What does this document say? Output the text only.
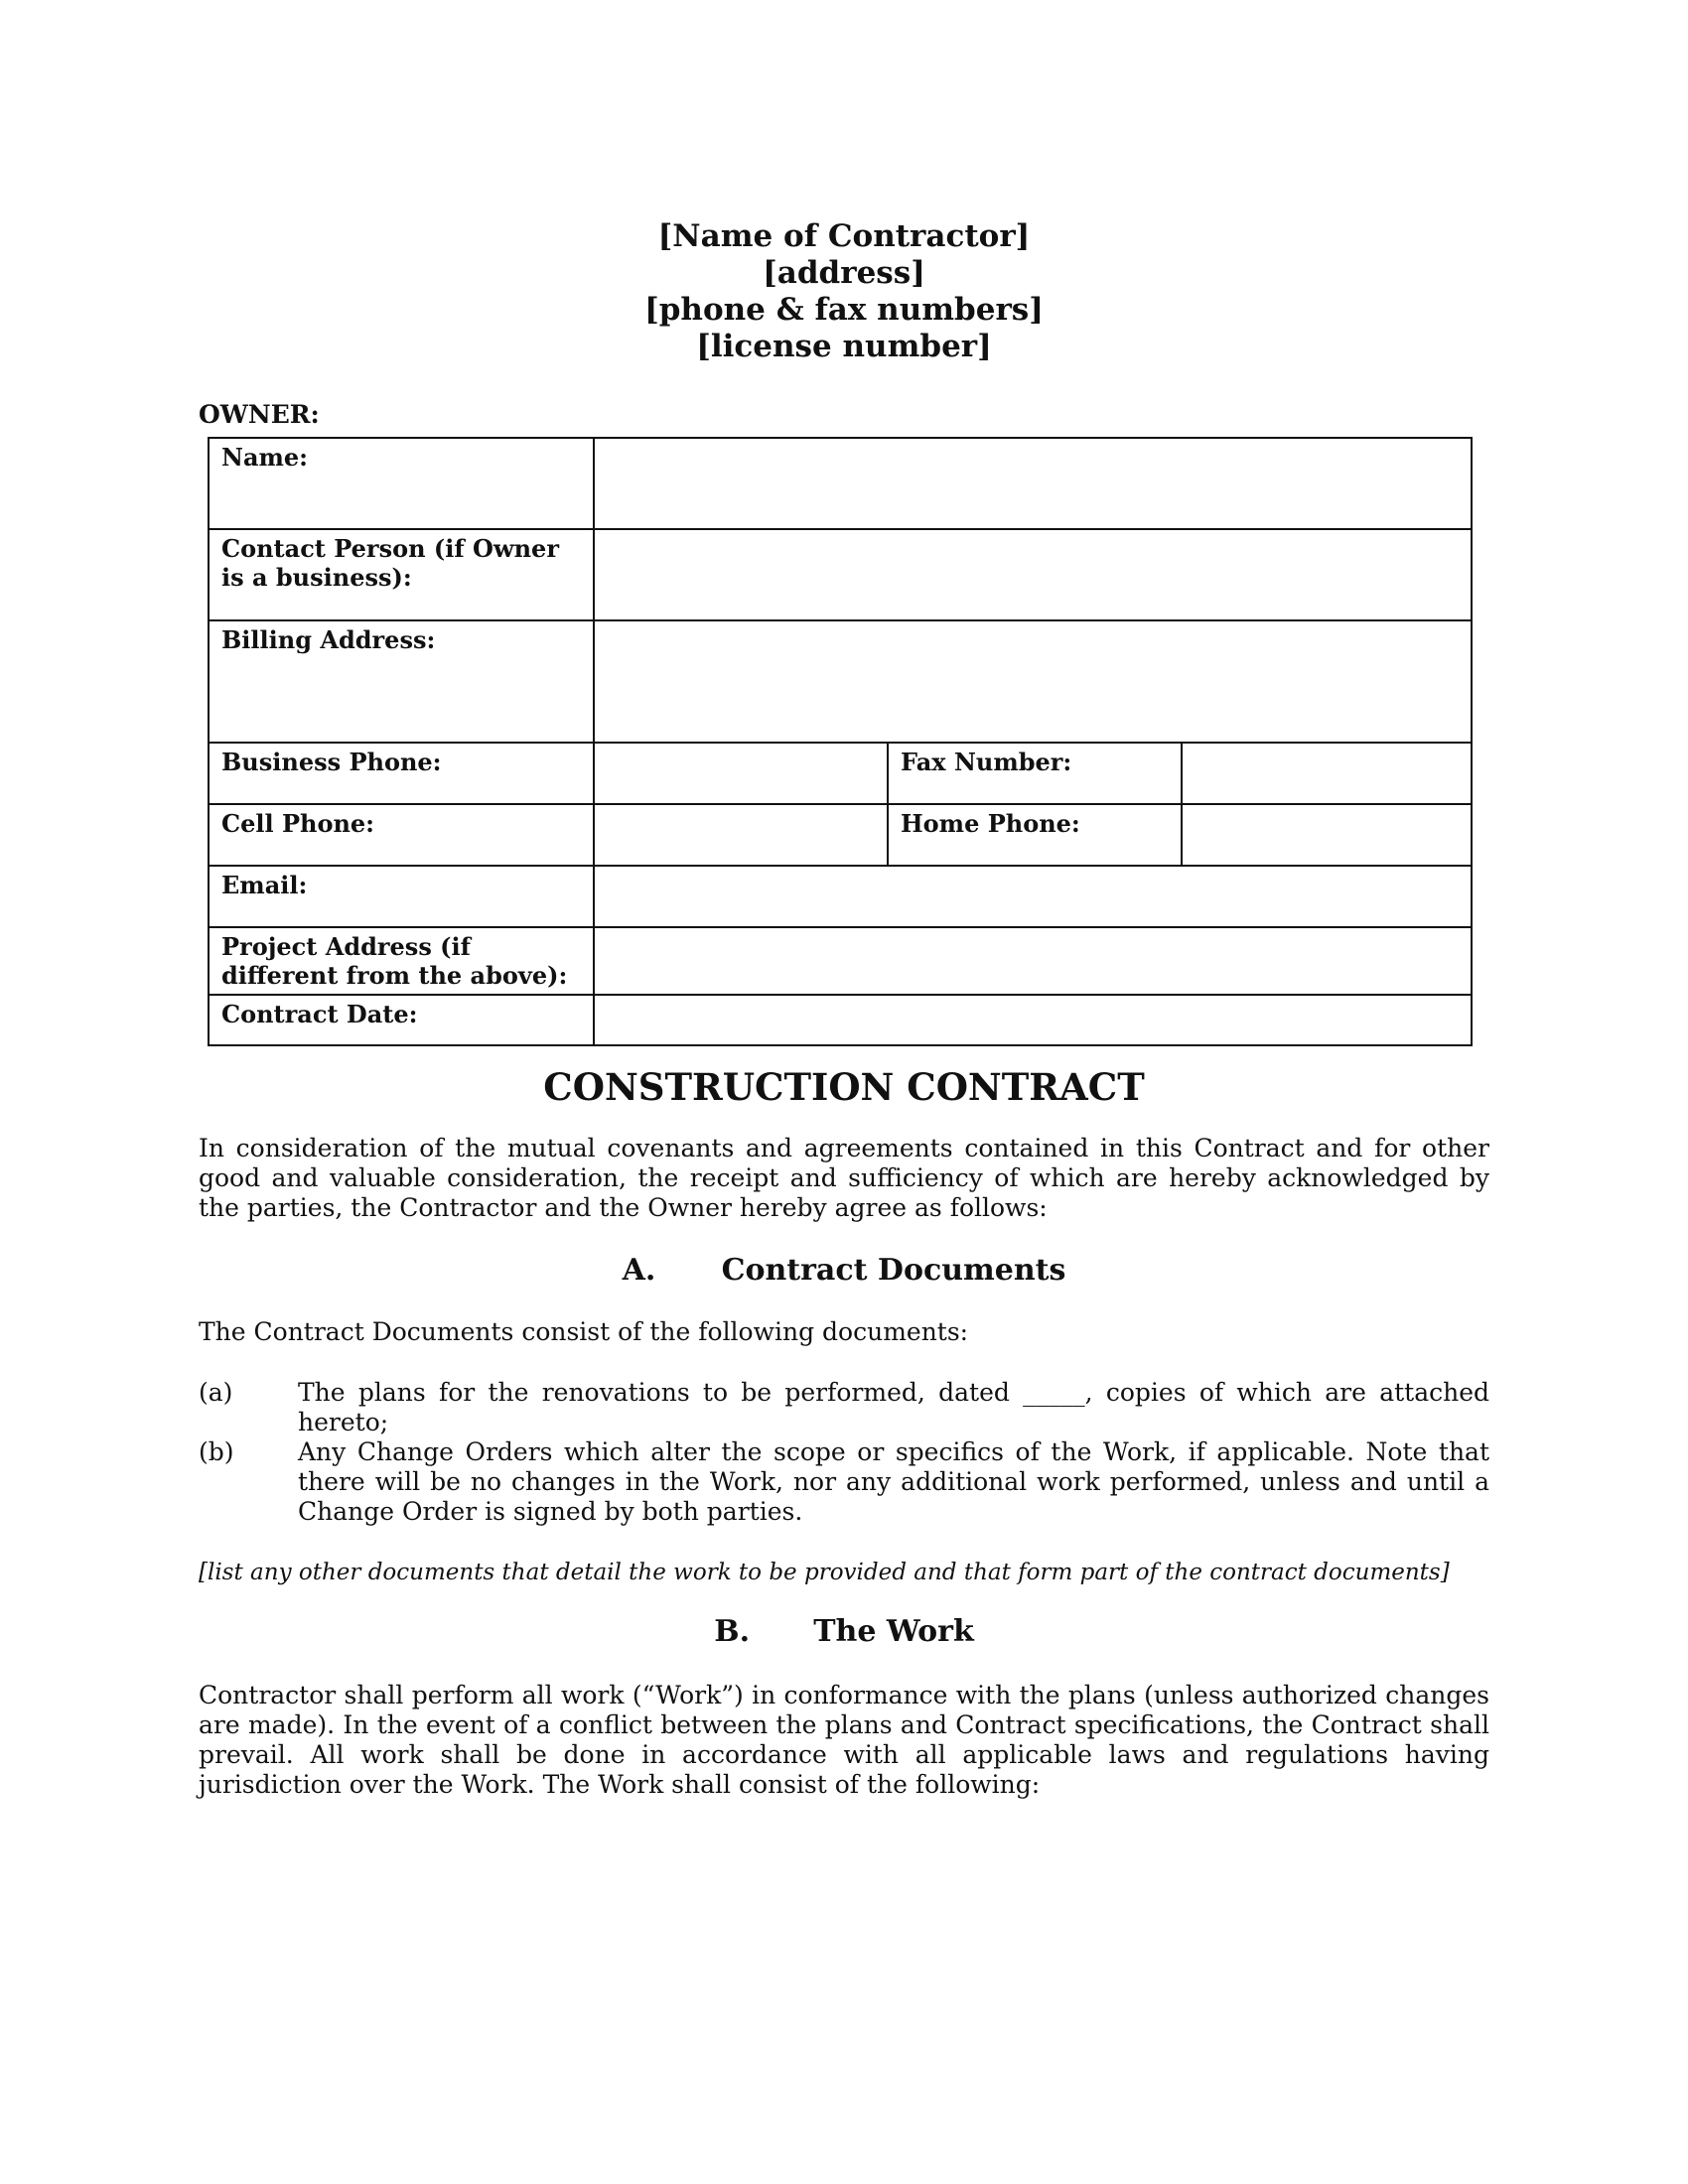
[Name of Contractor]
[address]
[phone & fax numbers]
[license number]
OWNER:
Name:			
Contact Person (if Owner is a business):			
Billing Address:			
Business Phone:		Fax Number:	
Cell Phone:		Home Phone:	
Email:			
Project Address (if different from the above):			
Contract Date:			
CONSTRUCTION CONTRACT
In consideration of the mutual covenants and agreements contained in this Contract and for other good and valuable consideration, the receipt and sufficiency of which are hereby acknowledged by the parties, the Contractor and the Owner hereby agree as follows:
A. Contract Documents
The Contract Documents consist of the following documents:
(a)	The plans for the renovations to be performed, dated _____, copies of which are attached hereto;
(b)	Any Change Orders which alter the scope or specifics of the Work, if applicable. Note that there will be no changes in the Work, nor any additional work performed, unless and until a Change Order is signed by both parties.
[list any other documents that detail the work to be provided and that form part of the contract documents]
B. The Work
Contractor shall perform all work (“Work”) in conformance with the plans (unless authorized changes are made). In the event of a conflict between the plans and Contract specifications, the Contract shall prevail. All work shall be done in accordance with all applicable laws and regulations having jurisdiction over the Work. The Work shall consist of the following:
